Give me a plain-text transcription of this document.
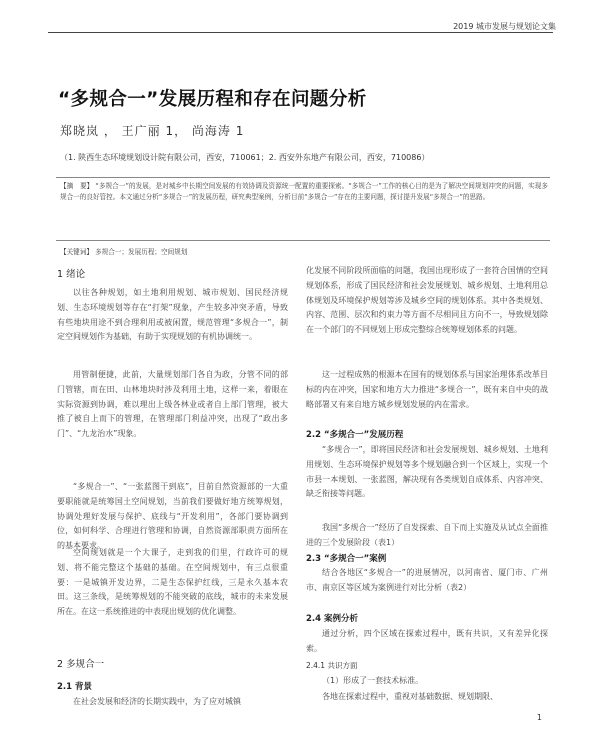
2019 城市发展与规划论文集
“多规合一”发展历程和存在问题分析
郑晓岚 ， 王广丽 1， 尚海涛 1
（1. 陕西生态环境规划设计院有限公司，西安，710061；2. 西安外东地产有限公司，西安，710086）
【摘　要】 “多规合一”的发展，是对城乡中长期空间发展的有效协调及资源统一配置的重要探索。“多规合一”工作的核心目的是为了解决空间规划冲突的问题，实现多规合一的良好管控。本文通过分析“多规合一”的发展历程，研究典型案例，分析目前“多规合一”存在的主要问题，探讨提升发展“多规合一”的思路。
【关键词】 多规合一；发展历程；空间规划
1 绪论
以往各种规划，如土地利用规划、城市规划、国民经济规划、生态环境规划等存在“打架”现象，产生较多冲突矛盾，导致有些地块用途不到合理利用或被闲置，规范管理“多规合一”，制定空间规划作为基础，有助于实现规划的有机协调统一。
用管制便捷，此前，大量规划部门各自为政，分管不同的部门管辖，而在田、山林地块时涉及利用土地，这样一来，着眼在实际资源到协调，难以理出上级各林业或者自上部门管理，被大推了被自上而下的管理，在管理部门利益冲突，出现了“政出多门”、“九龙治水”现象。
“多规合一”、“一张蓝图干到底”，目前自然资源部的一大重要职能就是统筹国土空间规划，当前我们要做好地方统筹规划，协调处理好发展与保护、底线与“开发利用”，各部门要协调到位，如何科学、合理进行管理和协调，自然资源部职责方面所在的基本要求。
空间规划就是一个大课子，走到我的们里，行政许可的规划、将不能完整这个基础的基础。在空间规划中，有三点很重要：一是城镇开发边界，二是生态保护红线，三是永久基本农田。这三条线，是统筹规划的不能突破的底线，城市的未来发展所在。在这一系统推进的中表现出规划的优化调整。
2 多规合一
2.1 背景
在社会发展和经济的长期实践中，为了应对城镇
化发展不同阶段所面临的问题，我国出现形成了一套符合国情的空间规划体系，形成了国民经济和社会发展规划、城乡规划、土地利用总体规划及环境保护规划等涉及城乡空间的规划体系。其中各类规划、内容、范围、层次和约束力等方面不尽相同且方向不一，导致规划除在一个部门的不同规划上形成完整综合统筹规划体系的问题。
这一过程成熟的根源本在国有的规划体系与国家治理体系改革目标的内在冲突，国家和地方大力推进“多规合一”，既有来自中央的战略部署又有来自地方城乡规划发展的内在需求。
2.2 “多规合一”发展历程
“多规合一”，即将国民经济和社会发展规划、城乡规划、土地利用规划、生态环境保护规划等多个规划融合到一个区域上，实现一个市县一本规划、一张蓝图，解决现有各类规划自成体系、内容冲突、缺乏衔接等问题。
我国“多规合一”经历了自发探索、自下而上实施及从试点全面推进的三个发展阶段（表1）
2.3 “多规合一”案例
结合各地区“多规合一”的进展情况，以河南省、厦门市、广州市、南京区等区域为案例进行对比分析（表2）
2.4 案例分析
通过分析，四个区域在探索过程中，既有共识，又有差异化探索。
2.4.1 共识方面
（1）形成了一套技术标准。
各地在探索过程中，重视对基础数据、规划期限、
1
